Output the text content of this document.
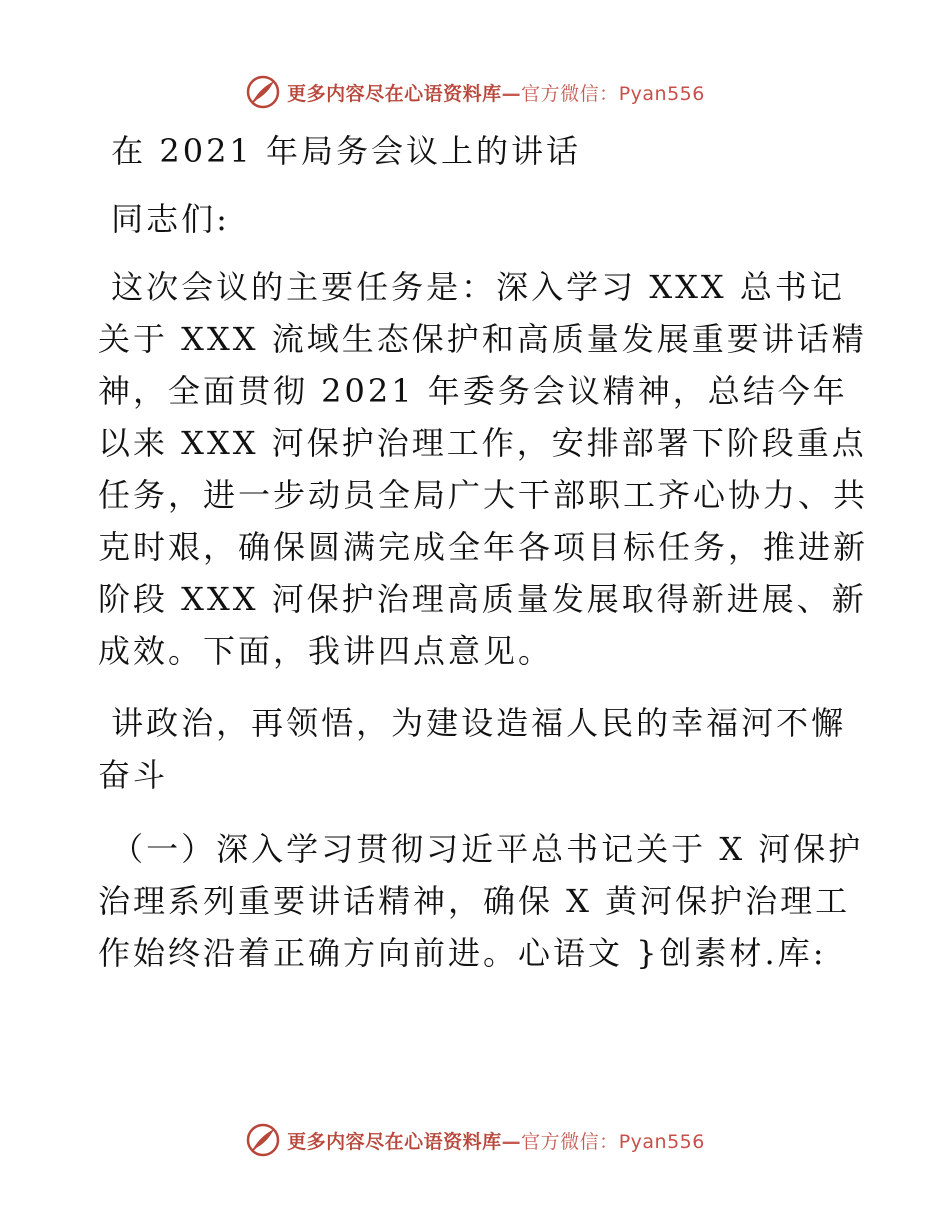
更多内容尽在心语资料库—官方微信：Pyan556

在 2021 年局务会议上的讲话

同志们:

这次会议的主要任务是：深入学习 XXX 总书记关于 XXX 流域生态保护和高质量发展重要讲话精神，全面贯彻 2021 年委务会议精神，总结今年以来 XXX 河保护治理工作，安排部署下阶段重点任务，进一步动员全局广大干部职工齐心协力、共克时艰，确保圆满完成全年各项目标任务，推进新阶段 XXX 河保护治理高质量发展取得新进展、新成效。下面，我讲四点意见。

讲政治，再领悟，为建设造福人民的幸福河不懈奋斗

（一）深入学习贯彻习近平总书记关于 X 河保护治理系列重要讲话精神，确保 X 黄河保护治理工作始终沿着正确方向前进。心语文 }创素材.库:

更多内容尽在心语资料库—官方微信：Pyan556
